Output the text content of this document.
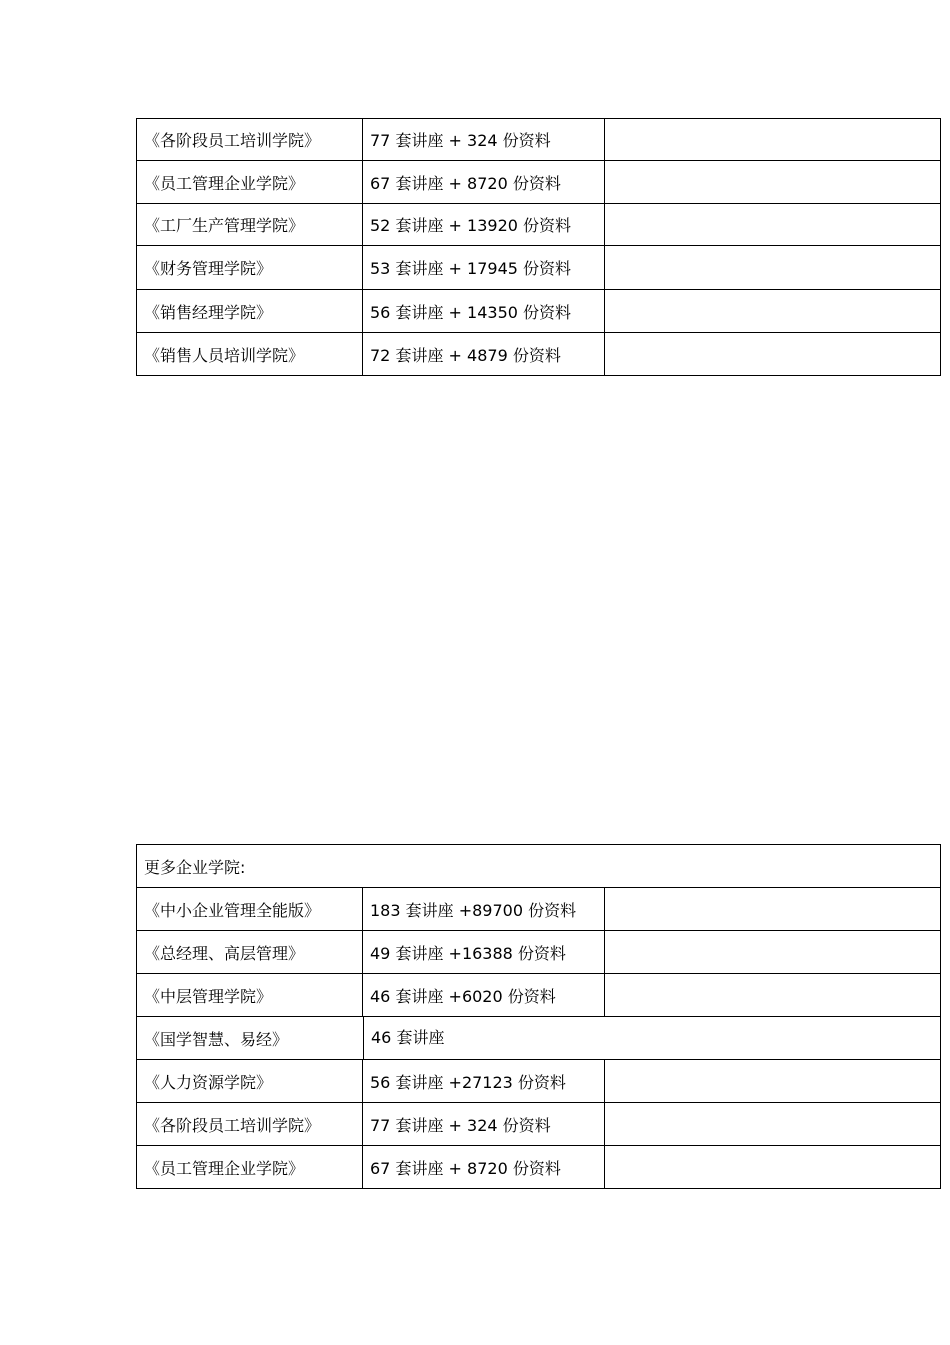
《各阶段员工培训学院》	77 套讲座 + 324 份资料	
《员工管理企业学院》	67 套讲座 + 8720 份资料	
《工厂生产管理学院》	52 套讲座 + 13920 份资料	
《财务管理学院》	53 套讲座 + 17945 份资料	
《销售经理学院》	56 套讲座 + 14350 份资料	
《销售人员培训学院》	72 套讲座 + 4879 份资料	
更多企业学院:		
《中小企业管理全能版》	183 套讲座 +89700 份资料	
《总经理、高层管理》	49 套讲座 +16388 份资料	
《中层管理学院》	46 套讲座 +6020 份资料	

《国学智慧、易经》 46 套讲座		

《人力资源学院》	56 套讲座 +27123 份资料	
《各阶段员工培训学院》	77 套讲座 + 324 份资料	
《员工管理企业学院》	67 套讲座 + 8720 份资料	
